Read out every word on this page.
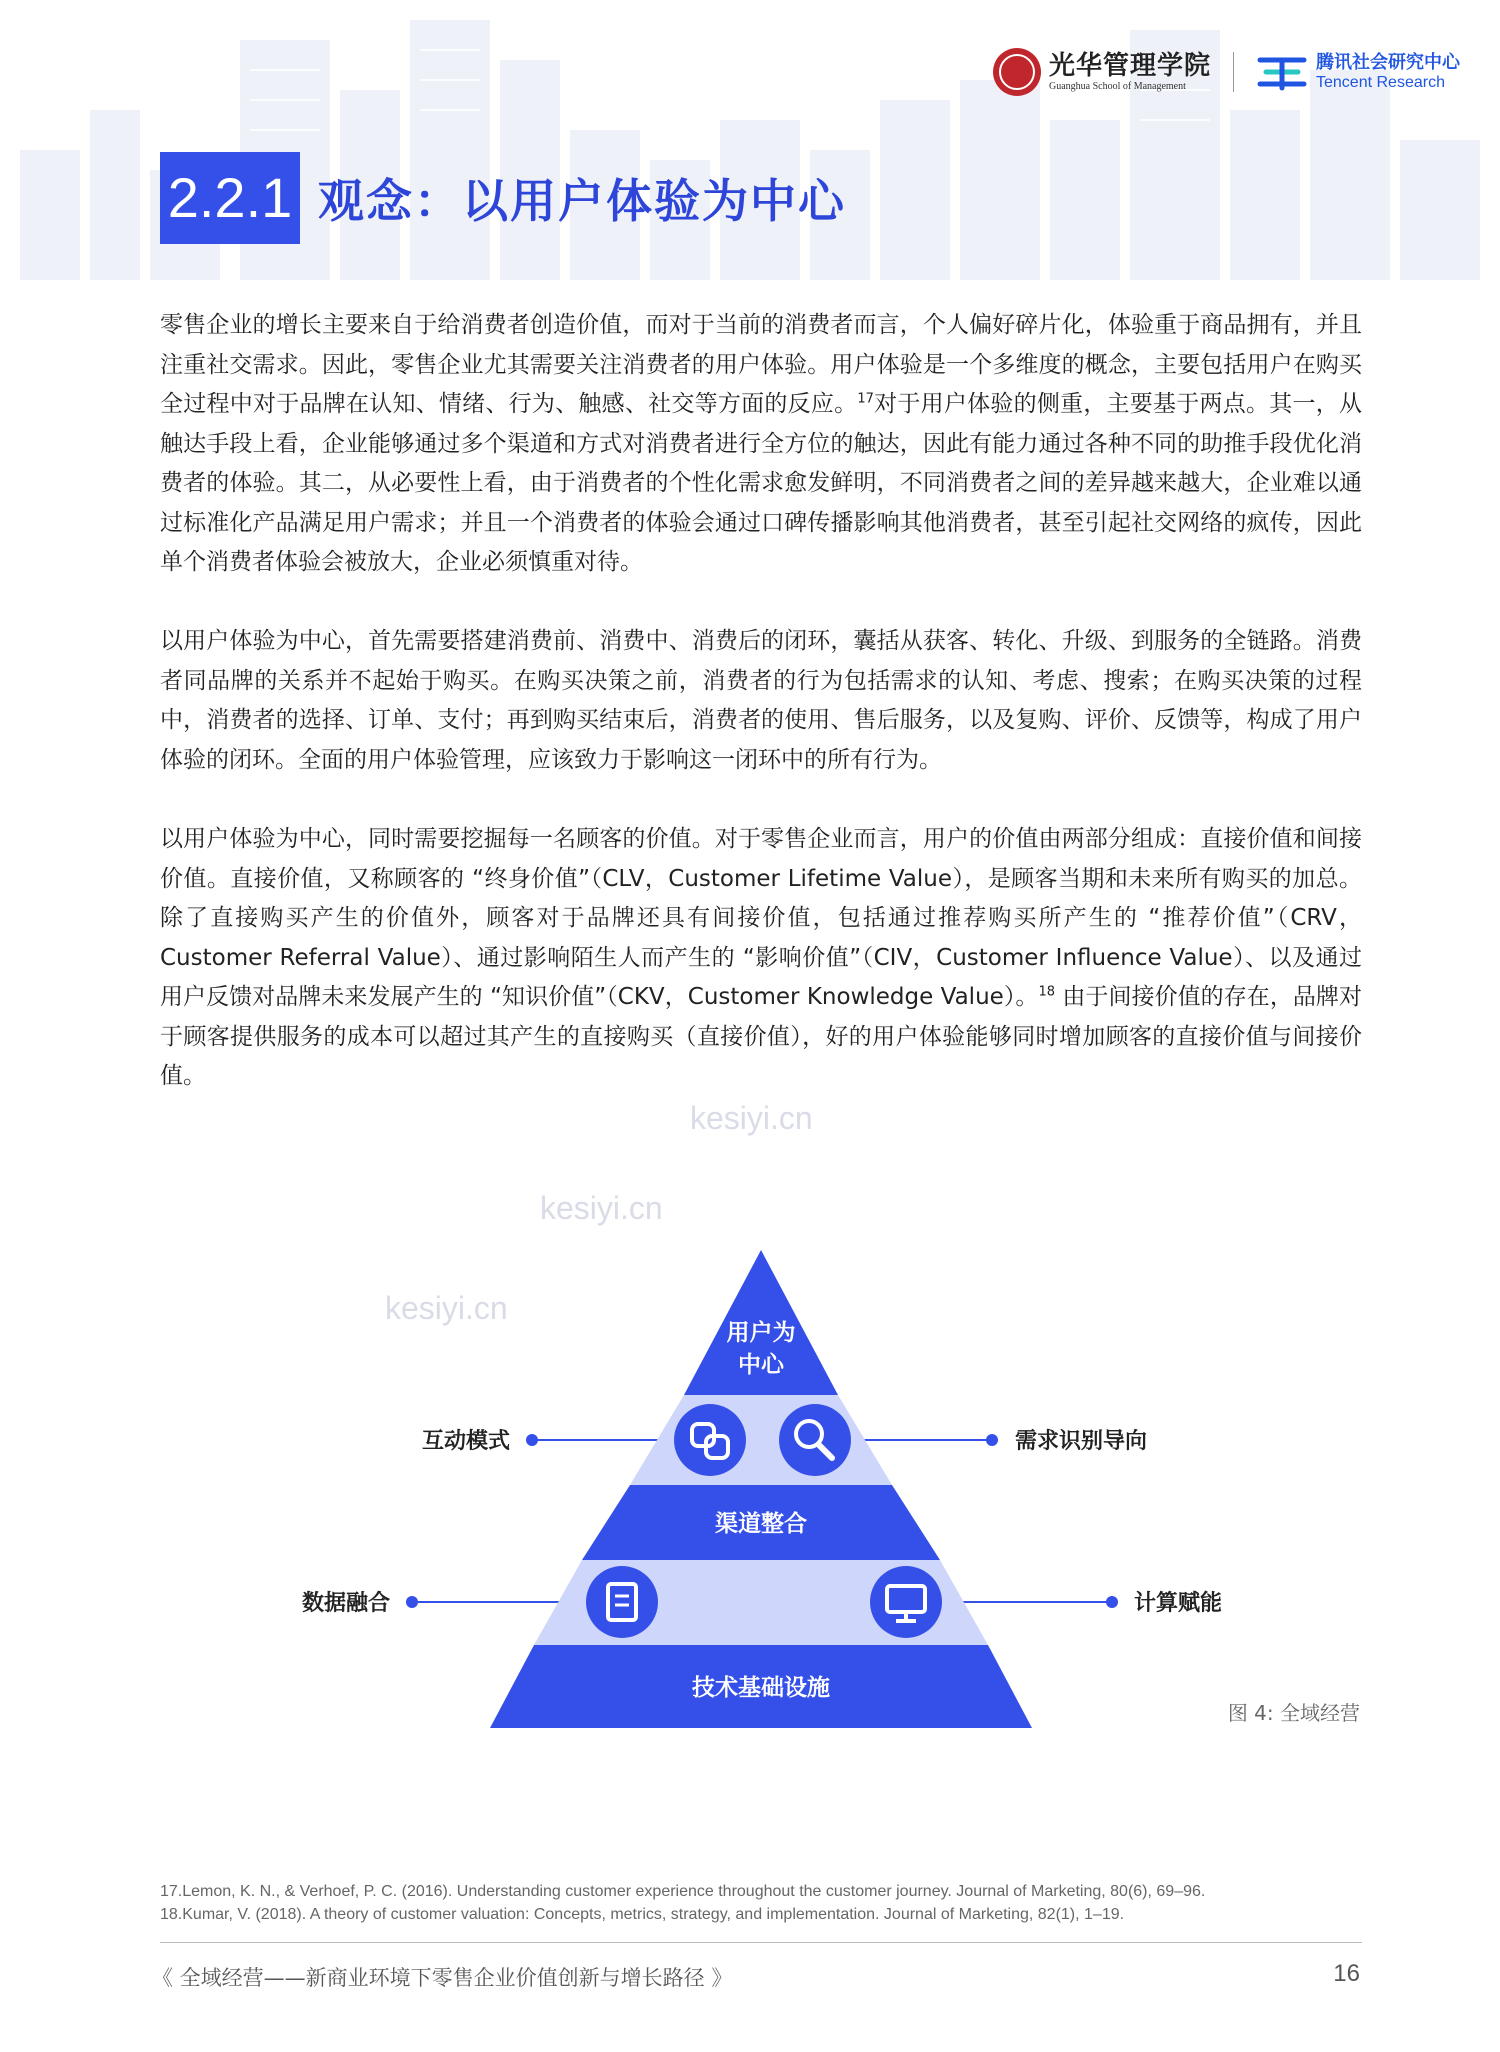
光华管理学院
Guanghua School of Management
腾讯社会研究中心
Tencent Research
2.2.1 观念：以用户体验为中心

零售企业的增长主要来自于给消费者创造价值，而对于当前的消费者而言，个人偏好碎片化，体验重于商品拥有，并且注重社交需求。因此，零售企业尤其需要关注消费者的用户体验。用户体验是一个多维度的概念，主要包括用户在购买全过程中对于品牌在认知、情绪、行为、触感、社交等方面的反应。$^{17}$对于用户体验的侧重，主要基于两点。其一，从触达手段上看，企业能够通过多个渠道和方式对消费者进行全方位的触达，因此有能力通过各种不同的助推手段优化消费者的体验。其二，从必要性上看，由于消费者的个性化需求愈发鲜明，不同消费者之间的差异越来越大，企业难以通过标准化产品满足用户需求；并且一个消费者的体验会通过口碑传播影响其他消费者，甚至引起社交网络的疯传，因此单个消费者体验会被放大，企业必须慎重对待。

以用户体验为中心，首先需要搭建消费前、消费中、消费后的闭环，囊括从获客、转化、升级、到服务的全链路。消费者同品牌的关系并不起始于购买。在购买决策之前，消费者的行为包括需求的认知、考虑、搜索；在购买决策的过程中，消费者的选择、订单、支付；再到购买结束后，消费者的使用、售后服务，以及复购、评价、反馈等，构成了用户体验的闭环。全面的用户体验管理，应该致力于影响这一闭环中的所有行为。

以用户体验为中心，同时需要挖掘每一名顾客的价值。对于零售企业而言，用户的价值由两部分组成：直接价值和间接价值。直接价值，又称顾客的 “终身价值”（CLV，Customer Lifetime Value），是顾客当期和未来所有购买的加总。除了直接购买产生的价值外，顾客对于品牌还具有间接价值，包括通过推荐购买所产生的 “推荐价值”（CRV，Customer Referral Value）、通过影响陌生人而产生的 “影响价值”（CIV，Customer Influence Value）、以及通过用户反馈对品牌未来发展产生的 “知识价值”（CKV，Customer Knowledge Value）。$^{18}$ 由于间接价值的存在，品牌对于顾客提供服务的成本可以超过其产生的直接购买（直接价值），好的用户体验能够同时增加顾客的直接价值与间接价值。

kesiyi.cn
kesiyi.cn
kesiyi.cn
用户为
中心
渠道整合
技术基础设施
互动模式	需求识别导向
数据融合	计算赋能
图 4: 全域经营
17.Lemon, K. N., & Verhoef, P. C. (2016). Understanding customer experience throughout the customer journey. Journal of Marketing, 80(6), 69–96.
18.Kumar, V. (2018). A theory of customer valuation: Concepts, metrics, strategy, and implementation. Journal of Marketing, 82(1), 1–19.
《 全域经营——新商业环境下零售企业价值创新与增长路径 》	16
